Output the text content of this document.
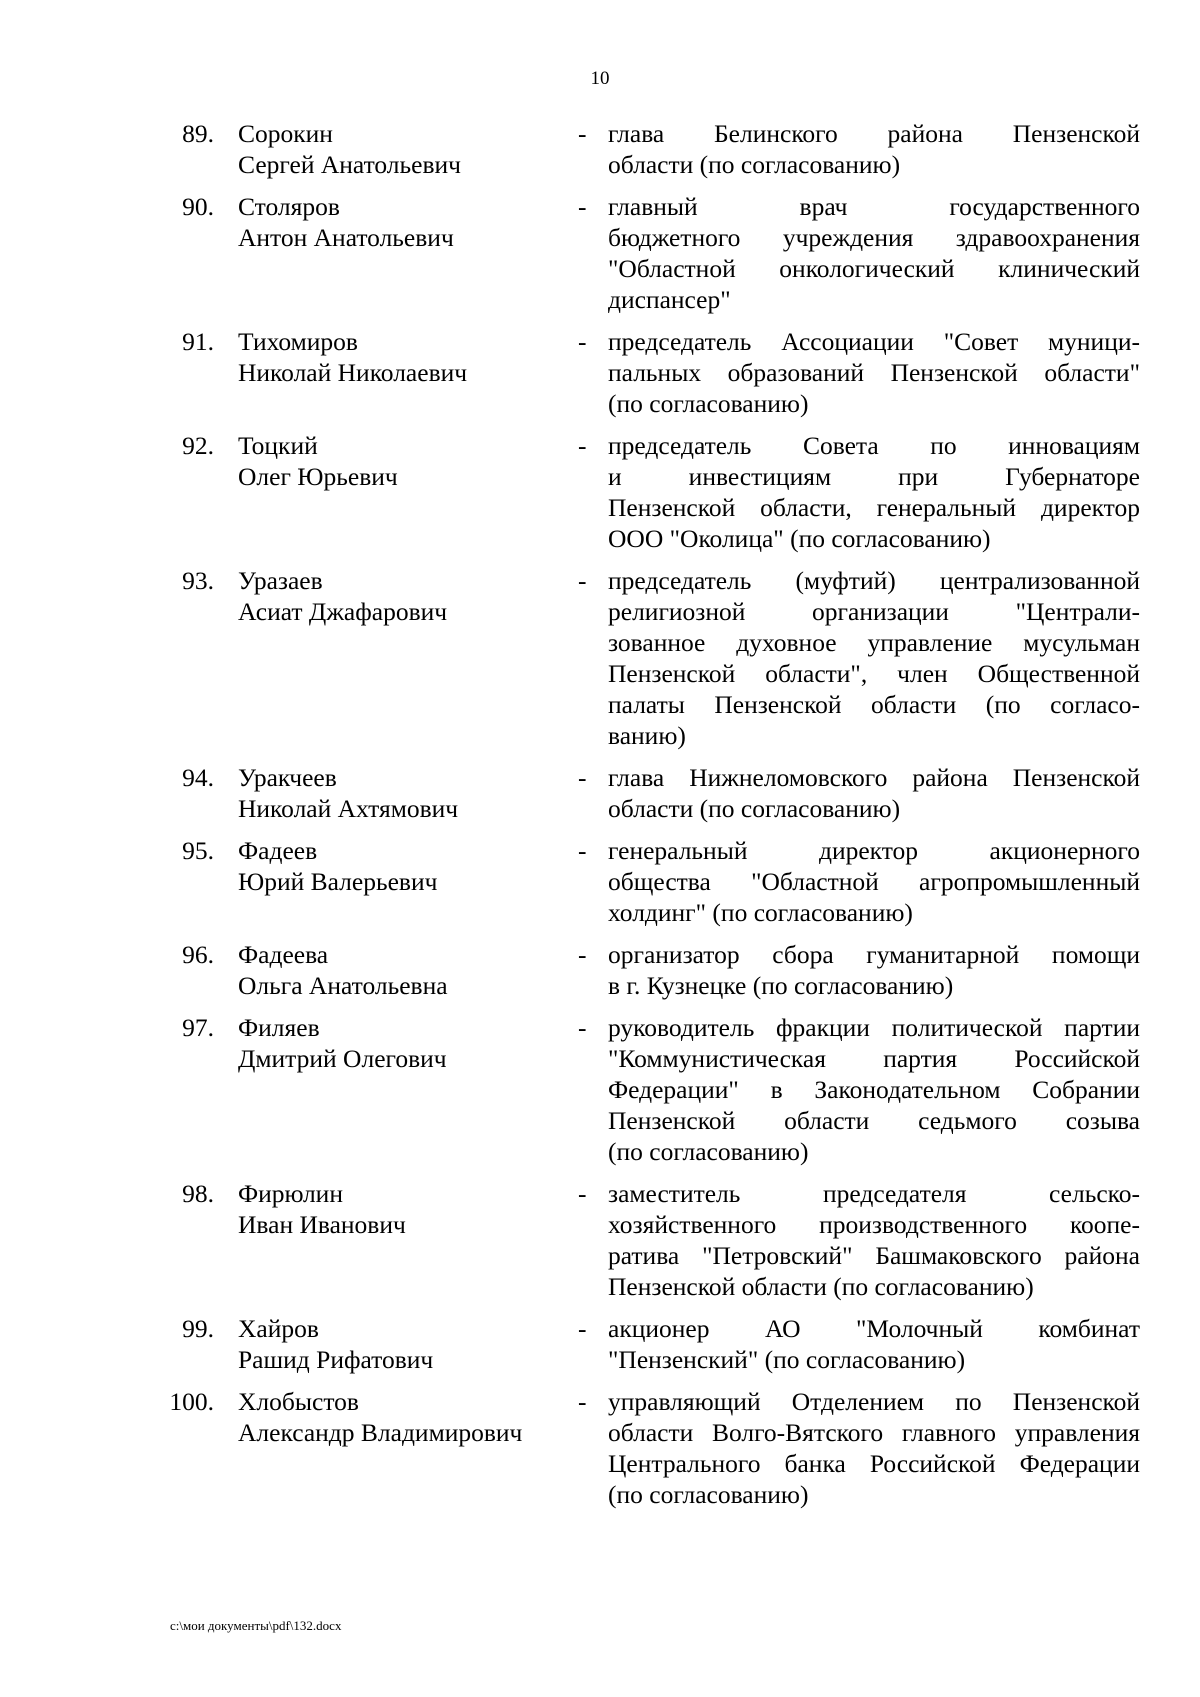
10
89. Сорокин
Сергей Анатольевич
- глава Белинского района Пензенской
области (по согласованию)
90. Столяров
Антон Анатольевич
- главный врач государственного
бюджетного учреждения здравоохранения
"Областной онкологический клинический
диспансер"
91. Тихомиров
Николай Николаевич
- председатель Ассоциации "Совет муници-
пальных образований Пензенской области"
(по согласованию)
92. Тоцкий
Олег Юрьевич
- председатель Совета по инновациям
и инвестициям при Губернаторе
Пензенской области, генеральный директор
ООО "Околица" (по согласованию)
93. Уразаев
Асиат Джафарович
- председатель (муфтий) централизованной
религиозной организации "Централи-
зованное духовное управление мусульман
Пензенской области", член Общественной
палаты Пензенской области (по согласо-
ванию)
94. Уракчеев
Николай Ахтямович
- глава Нижнеломовского района Пензенской
области (по согласованию)
95. Фадеев
Юрий Валерьевич
- генеральный директор акционерного
общества "Областной агропромышленный
холдинг" (по согласованию)
96. Фадеева
Ольга Анатольевна
- организатор сбора гуманитарной помощи
в г. Кузнецке (по согласованию)
97. Филяев
Дмитрий Олегович
- руководитель фракции политической партии
"Коммунистическая партия Российской
Федерации" в Законодательном Собрании
Пензенской области седьмого созыва
(по согласованию)
98. Фирюлин
Иван Иванович
- заместитель председателя сельско-
хозяйственного производственного коопе-
ратива "Петровский" Башмаковского района
Пензенской области (по согласованию)
99. Хайров
Рашид Рифатович
- акционер АО "Молочный комбинат
"Пензенский" (по согласованию)
100. Хлобыстов
Александр Владимирович
- управляющий Отделением по Пензенской
области Волго-Вятского главного управления
Центрального банка Российской Федерации
(по согласованию)
c:\мои документы\pdf\132.docx
